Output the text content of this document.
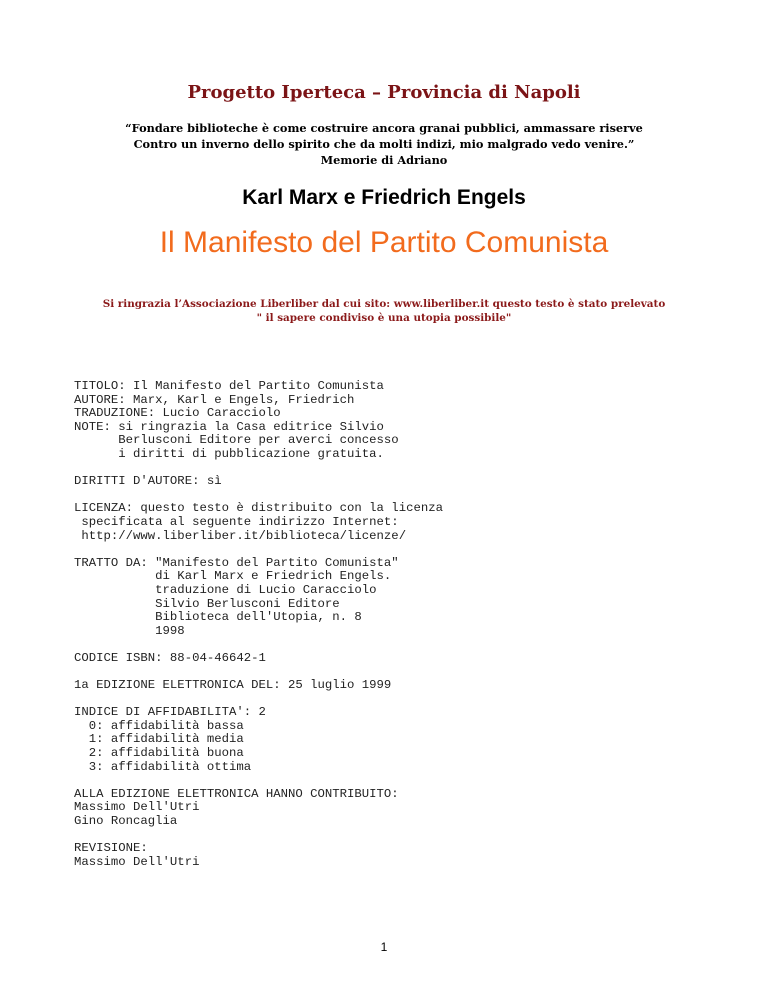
Progetto Iperteca – Provincia di Napoli
“Fondare biblioteche è come costruire ancora granai pubblici, ammassare riserve
Contro un inverno dello spirito che da molti indizi, mio malgrado vedo venire.”
Memorie di Adriano
Karl Marx e Friedrich Engels
Il Manifesto del Partito Comunista
Si ringrazia l’Associazione Liberliber dal cui sito: www.liberliber.it questo testo è stato prelevato
" il sapere condiviso è una utopia possibile"
TITOLO: Il Manifesto del Partito Comunista
AUTORE: Marx, Karl e Engels, Friedrich
TRADUZIONE: Lucio Caracciolo
NOTE: si ringrazia la Casa editrice Silvio
Berlusconi Editore per averci concesso
i diritti di pubblicazione gratuita.
DIRITTI D'AUTORE: sì
LICENZA: questo testo è distribuito con la licenza
specificata al seguente indirizzo Internet:
http://www.liberliber.it/biblioteca/licenze/
TRATTO DA: "Manifesto del Partito Comunista"
di Karl Marx e Friedrich Engels.
traduzione di Lucio Caracciolo
Silvio Berlusconi Editore
Biblioteca dell'Utopia, n. 8
1998
CODICE ISBN: 88-04-46642-1
1a EDIZIONE ELETTRONICA DEL: 25 luglio 1999
INDICE DI AFFIDABILITA': 2
0: affidabilità bassa
1: affidabilità media
2: affidabilità buona
3: affidabilità ottima
ALLA EDIZIONE ELETTRONICA HANNO CONTRIBUITO:
Massimo Dell'Utri
Gino Roncaglia
REVISIONE:
Massimo Dell'Utri
1
